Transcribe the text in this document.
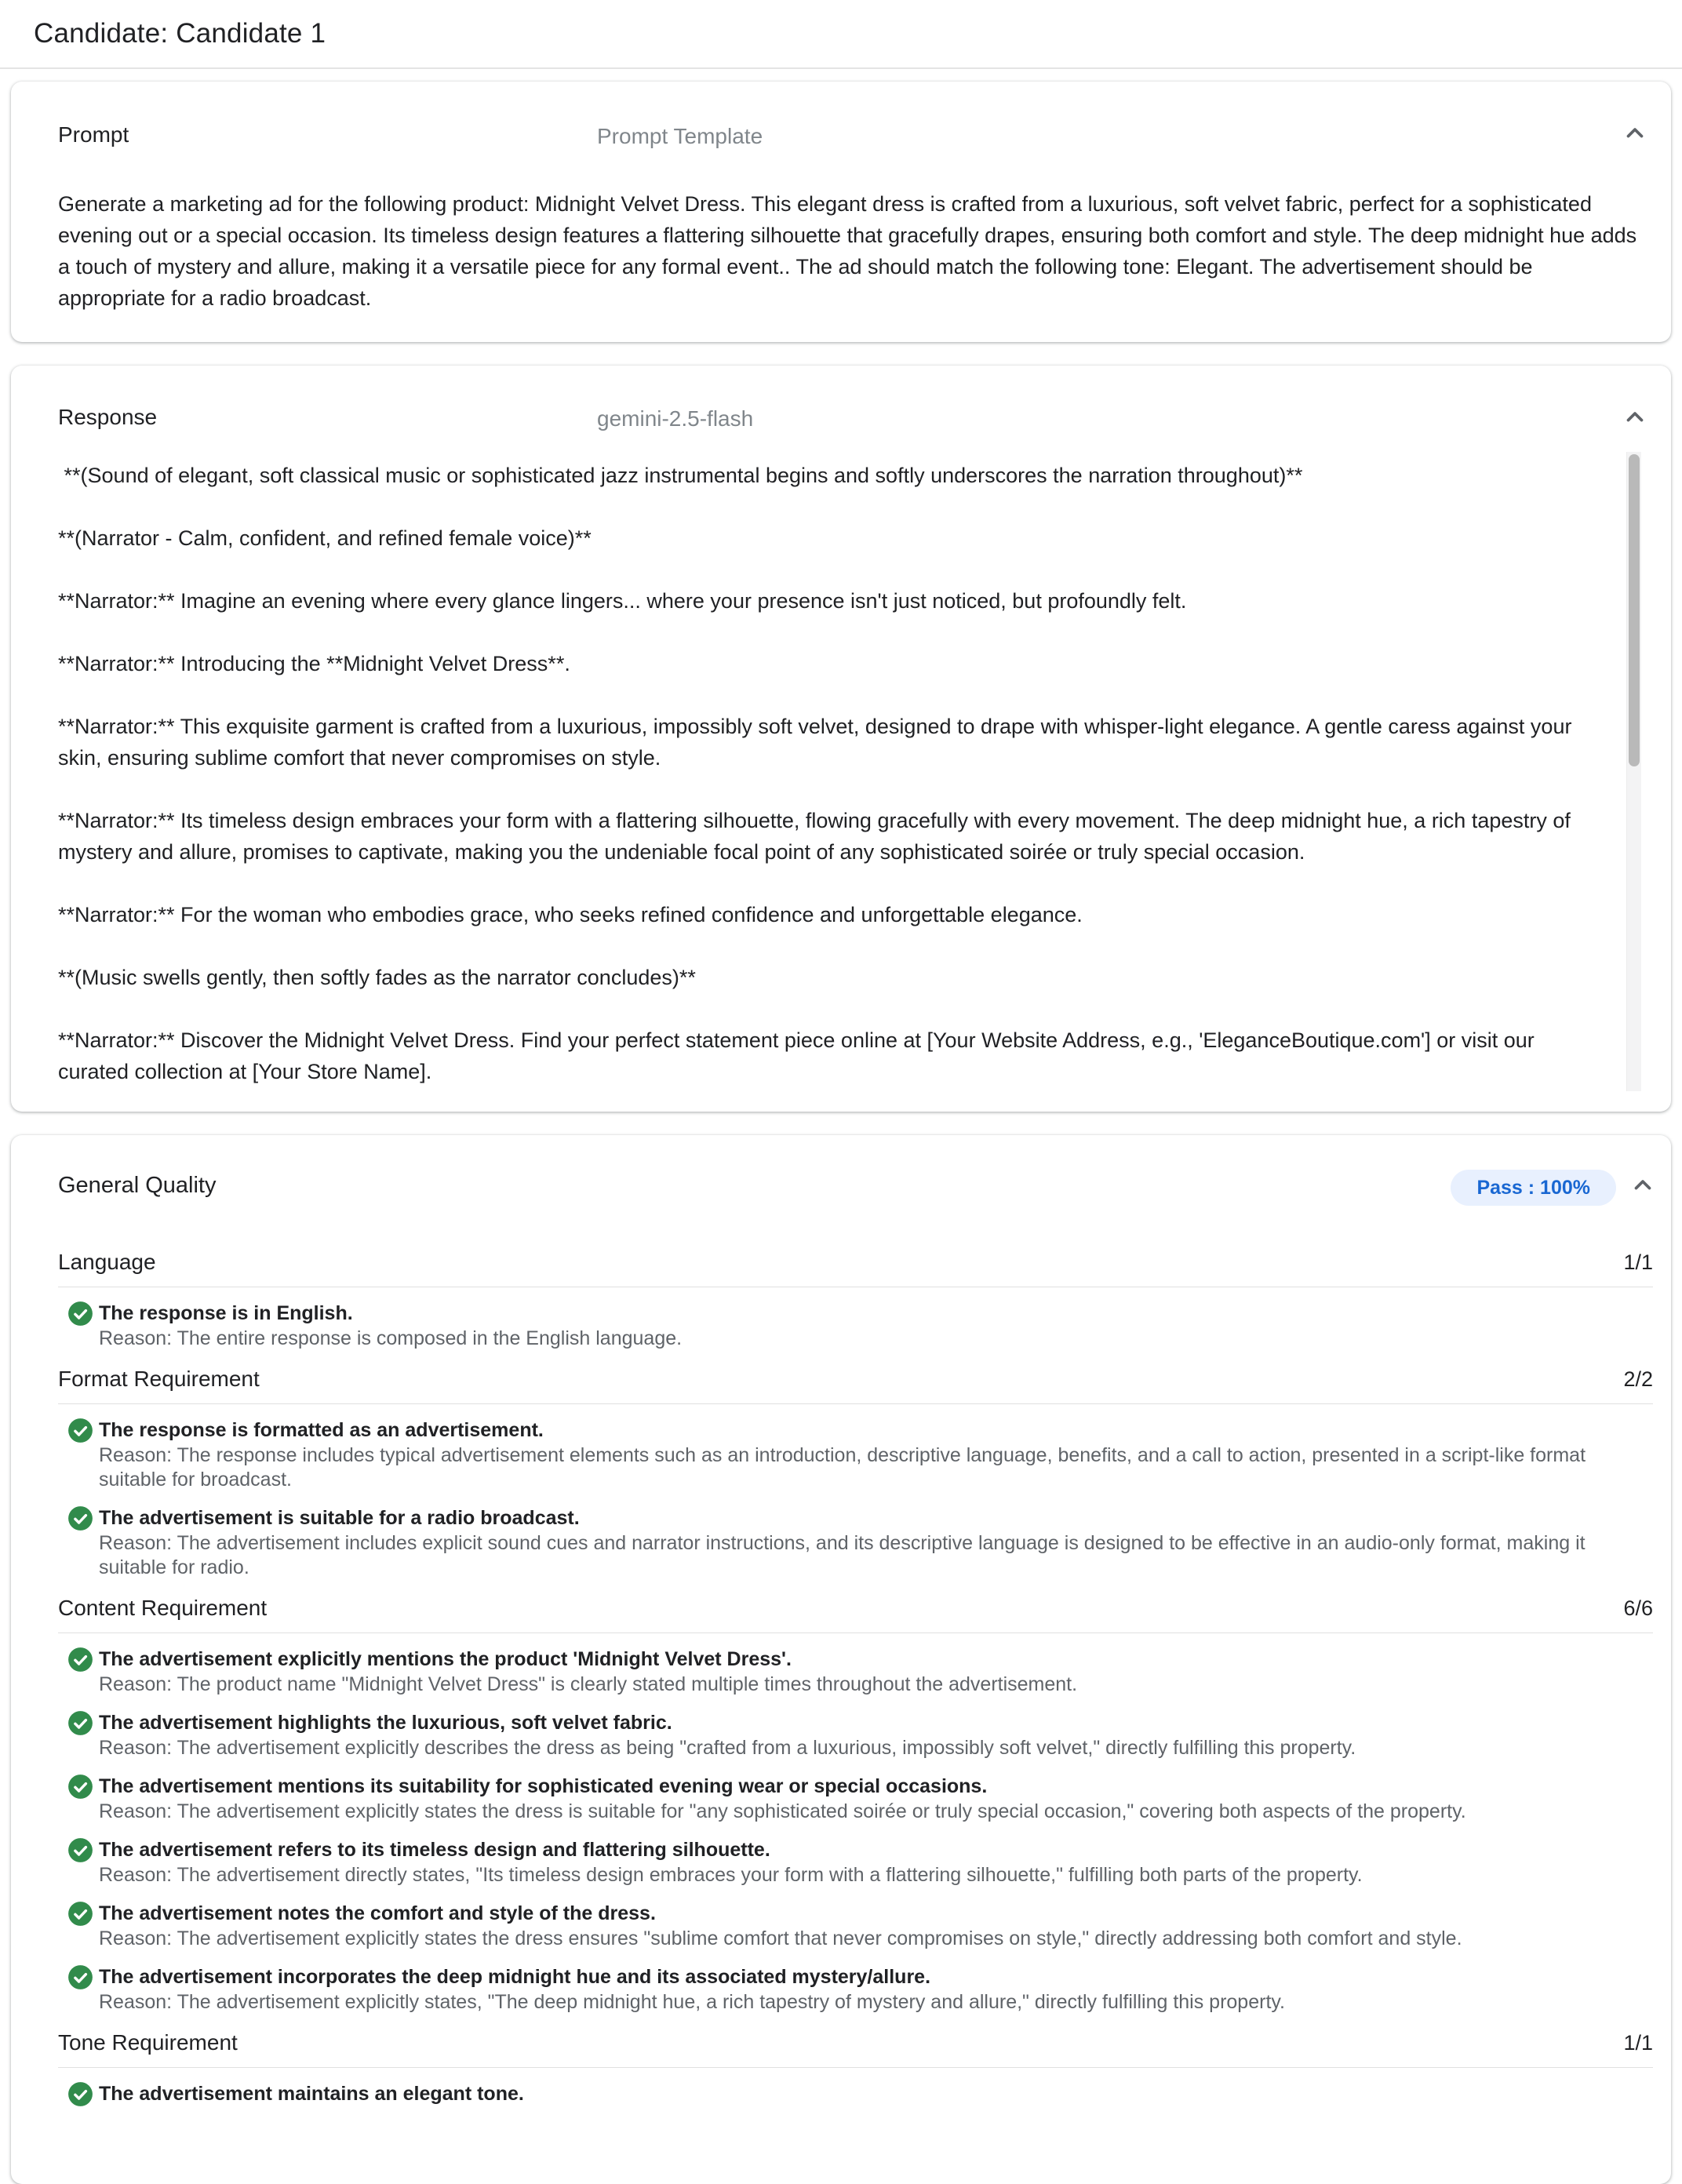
Candidate: Candidate 1
Prompt	Prompt Template
Generate a marketing ad for the following product: Midnight Velvet Dress. This elegant dress is crafted from a luxurious, soft velvet fabric, perfect for a sophisticated evening out or a special occasion. Its timeless design features a flattering silhouette that gracefully drapes, ensuring both comfort and style. The deep midnight hue adds a touch of mystery and allure, making it a versatile piece for any formal event.. The ad should match the following tone: Elegant. The advertisement should be appropriate for a radio broadcast.
Response	gemini-2.5-flash

**(Sound of elegant, soft classical music or sophisticated jazz instrumental begins and softly underscores the narration throughout)**

**(Narrator - Calm, confident, and refined female voice)**

**Narrator:** Imagine an evening where every glance lingers... where your presence isn't just noticed, but profoundly felt.

**Narrator:** Introducing the **Midnight Velvet Dress**.

**Narrator:** This exquisite garment is crafted from a luxurious, impossibly soft velvet, designed to drape with whisper-light elegance. A gentle caress against your skin, ensuring sublime comfort that never compromises on style.

**Narrator:** Its timeless design embraces your form with a flattering silhouette, flowing gracefully with every movement. The deep midnight hue, a rich tapestry of mystery and allure, promises to captivate, making you the undeniable focal point of any sophisticated soirée or truly special occasion.

**Narrator:** For the woman who embodies grace, who seeks refined confidence and unforgettable elegance.

**(Music swells gently, then softly fades as the narrator concludes)**

**Narrator:** Discover the Midnight Velvet Dress. Find your perfect statement piece online at [Your Website Address, e.g., 'EleganceBoutique.com'] or visit our curated collection at [Your Store Name].

General Quality	Pass : 100%
Language	1/1
The response is in English.
Reason: The entire response is composed in the English language.
Format Requirement	2/2
The response is formatted as an advertisement.
Reason: The response includes typical advertisement elements such as an introduction, descriptive language, benefits, and a call to action, presented in a script-like format suitable for broadcast.
The advertisement is suitable for a radio broadcast.
Reason: The advertisement includes explicit sound cues and narrator instructions, and its descriptive language is designed to be effective in an audio-only format, making it suitable for radio.
Content Requirement	6/6
The advertisement explicitly mentions the product 'Midnight Velvet Dress'.
Reason: The product name "Midnight Velvet Dress" is clearly stated multiple times throughout the advertisement.
The advertisement highlights the luxurious, soft velvet fabric.
Reason: The advertisement explicitly describes the dress as being "crafted from a luxurious, impossibly soft velvet," directly fulfilling this property.
The advertisement mentions its suitability for sophisticated evening wear or special occasions.
Reason: The advertisement explicitly states the dress is suitable for "any sophisticated soirée or truly special occasion," covering both aspects of the property.
The advertisement refers to its timeless design and flattering silhouette.
Reason: The advertisement directly states, "Its timeless design embraces your form with a flattering silhouette," fulfilling both parts of the property.
The advertisement notes the comfort and style of the dress.
Reason: The advertisement explicitly states the dress ensures "sublime comfort that never compromises on style," directly addressing both comfort and style.
The advertisement incorporates the deep midnight hue and its associated mystery/allure.
Reason: The advertisement explicitly states, "The deep midnight hue, a rich tapestry of mystery and allure," directly fulfilling this property.
Tone Requirement	1/1
The advertisement maintains an elegant tone.
